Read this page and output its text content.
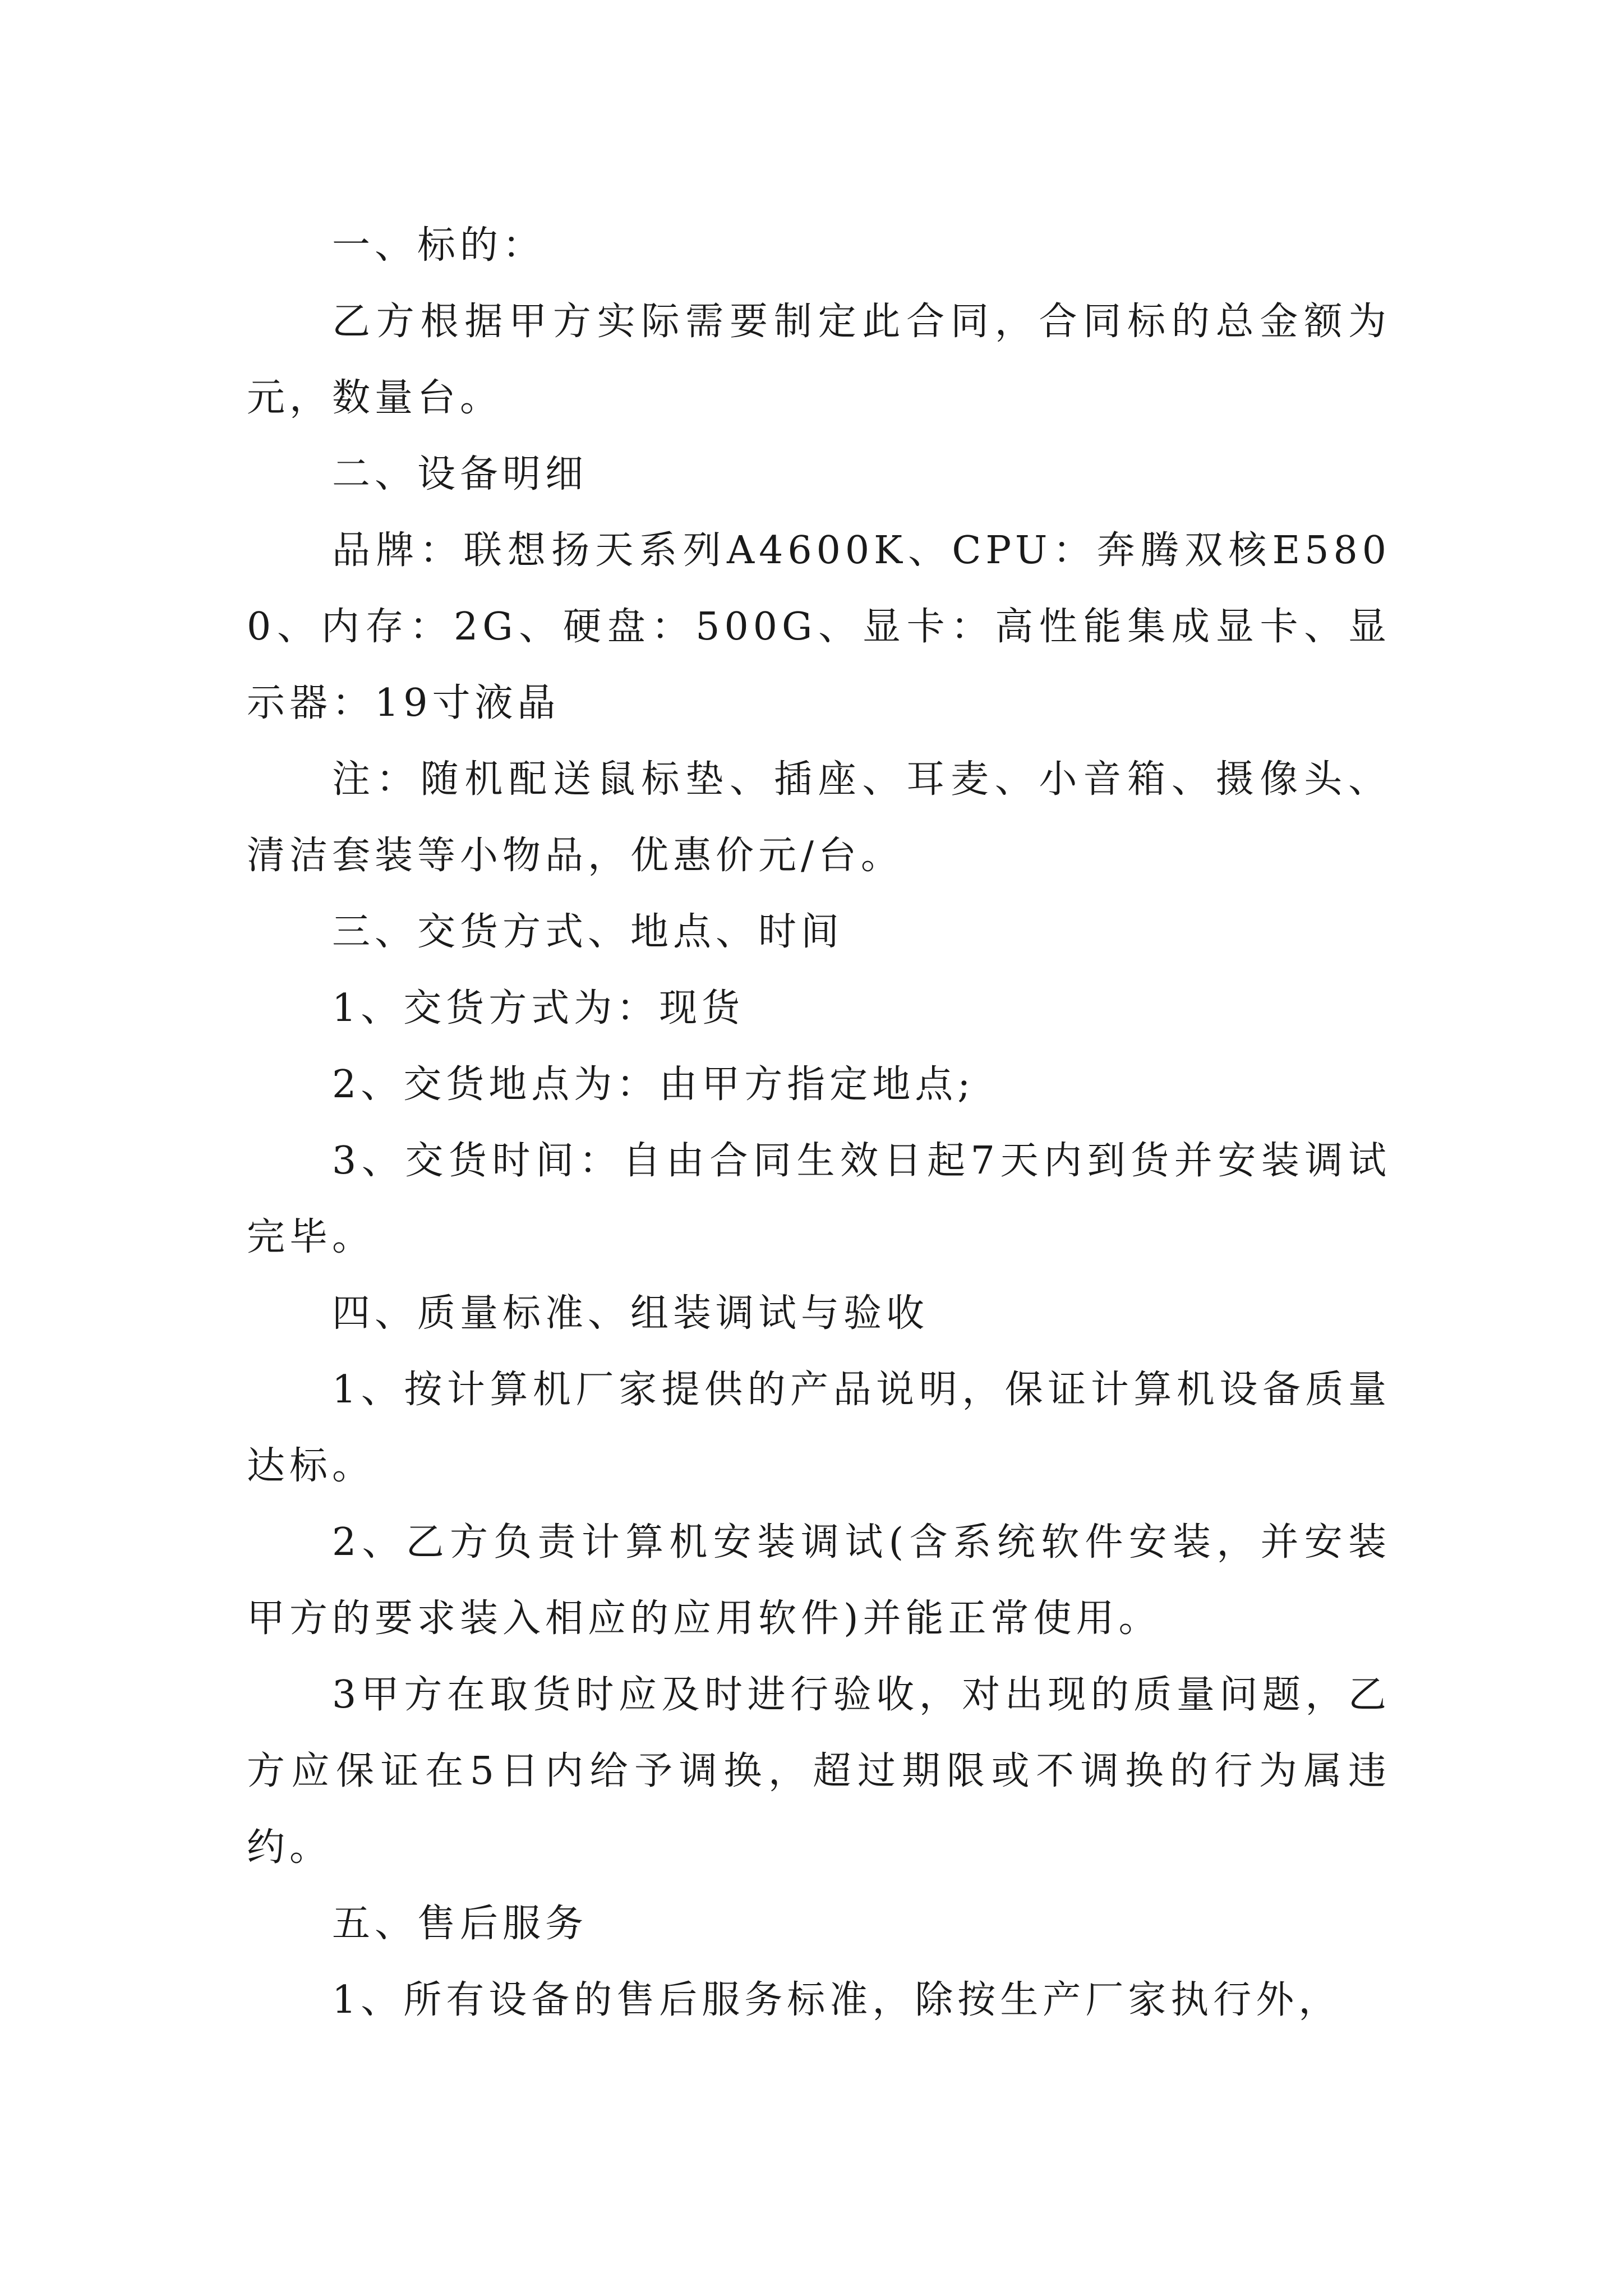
一、标的：

乙方根据甲方实际需要制定此合同，合同标的总金额为元，数量台。

二、设备明细

品牌：联想扬天系列A4600K、CPU：奔腾双核E5800、内存：2G、硬盘：500G、显卡：高性能集成显卡、显示器：19寸液晶

注：随机配送鼠标垫、插座、耳麦、小音箱、摄像头、清洁套装等小物品，优惠价元/台。

三、交货方式、地点、时间

1、交货方式为：现货

2、交货地点为：由甲方指定地点;

3、交货时间：自由合同生效日起7天内到货并安装调试完毕。

四、质量标准、组装调试与验收

1、按计算机厂家提供的产品说明，保证计算机设备质量达标。

2、乙方负责计算机安装调试(含系统软件安装，并安装甲方的要求装入相应的应用软件)并能正常使用。

3甲方在取货时应及时进行验收，对出现的质量问题，乙方应保证在5日内给予调换，超过期限或不调换的行为属违约。

五、售后服务

1、所有设备的售后服务标准，除按生产厂家执行外，
